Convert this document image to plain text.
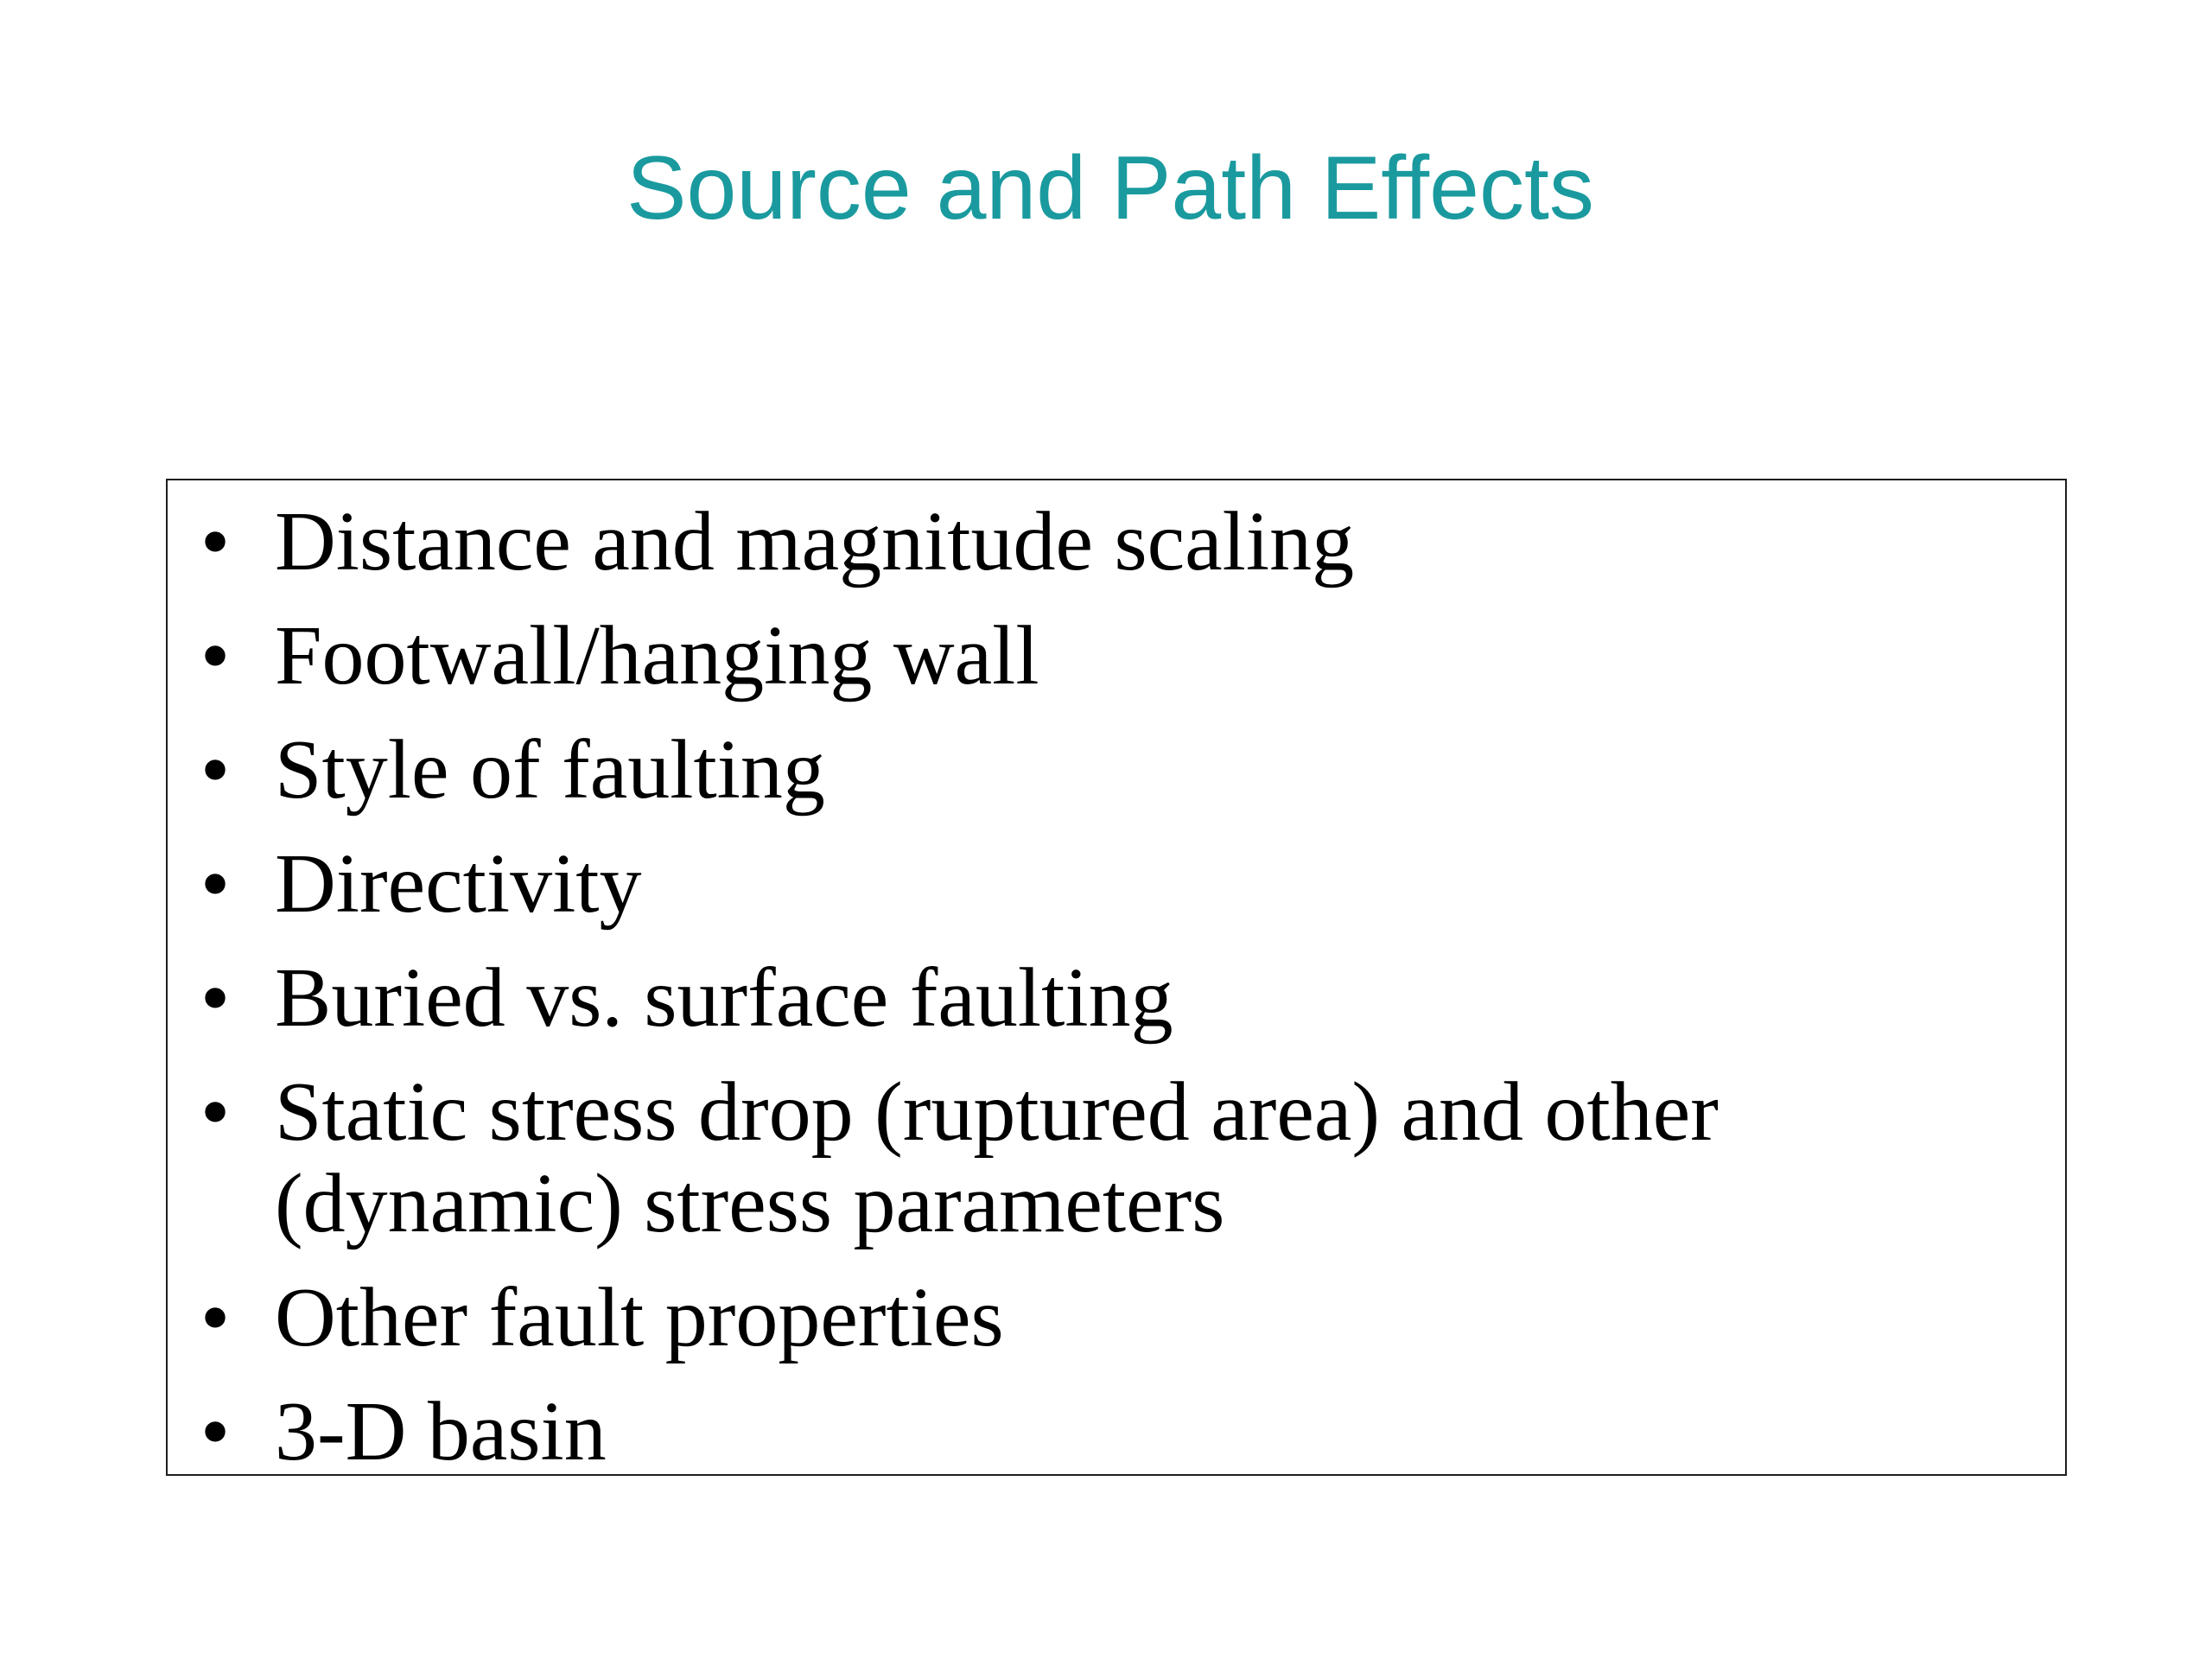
Source and Path Effects
• Distance and magnitude scaling
• Footwall/hanging wall
• Style of faulting
• Directivity
• Buried vs. surface faulting
• Static stress drop (ruptured area) and other
(dynamic) stress parameters
• Other fault properties
• 3-D basin
